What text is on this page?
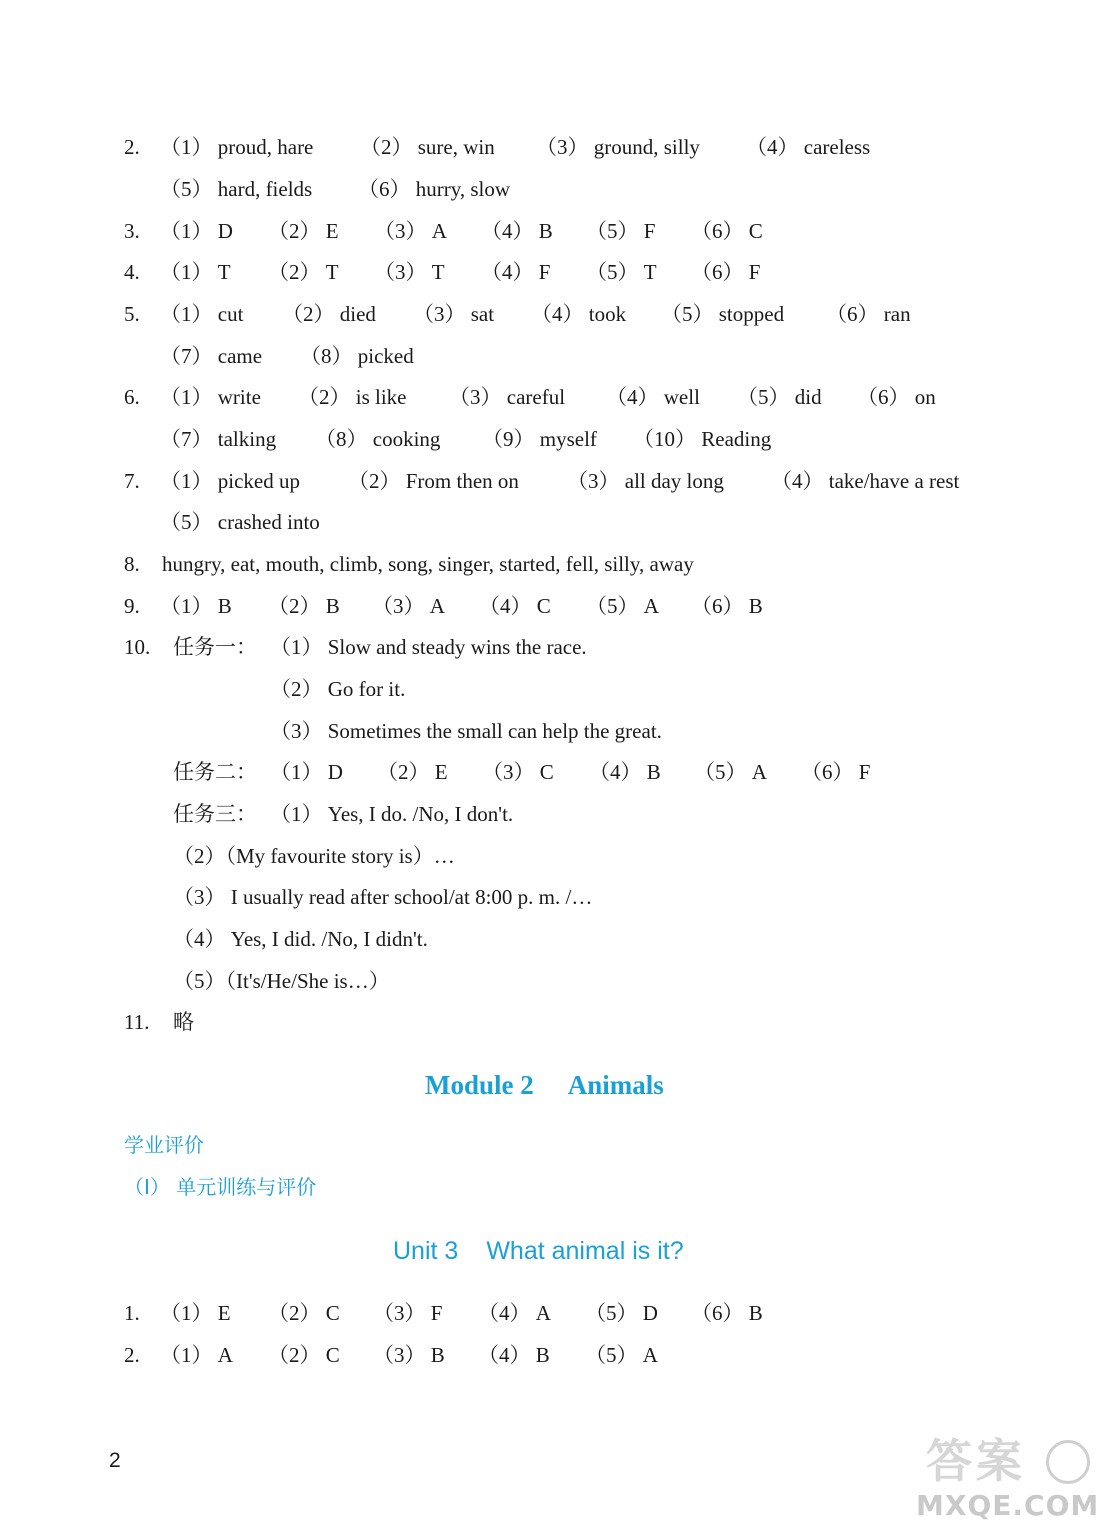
2. （1） proud, hare （2） sure, win （3） ground, silly （4） careless
（5） hard, fields （6） hurry, slow
3. （1） D （2） E （3） A （4） B （5） F （6） C
4. （1） T （2） T （3） T （4） F （5） T （6） F
5. （1） cut （2） died （3） sat （4） took （5） stopped （6） ran
（7） came （8） picked
6. （1） write （2） is like （3） careful （4） well （5） did （6） on
（7） talking （8） cooking （9） myself （10） Reading
7. （1） picked up （2） From then on （3） all day long （4） take/have a rest
（5） crashed into
8. hungry, eat, mouth, climb, song, singer, started, fell, silly, away
9. （1） B （2） B （3） A （4） C （5） A （6） B
10. 任务一： （1） Slow and steady wins the race.
（2） Go for it.
（3） Sometimes the small can help the great.
任务二： （1） D （2） E （3） C （4） B （5） A （6） F
任务三： （1） Yes, I do. /No, I don't.
（2）（My favourite story is）…
（3） I usually read after school/at 8:00 p. m. /…
（4） Yes, I did. /No, I didn't.
（5）（It's/He/She is…）
11. 略
Module 2 Animals
学业评价
（Ⅰ） 单元训练与评价
Unit 3 What animal is it?
1. （1） E （2） C （3） F （4） A （5） D （6） B
2. （1） A （2） C （3） B （4） B （5） A
2	答案
MXQE.COM
